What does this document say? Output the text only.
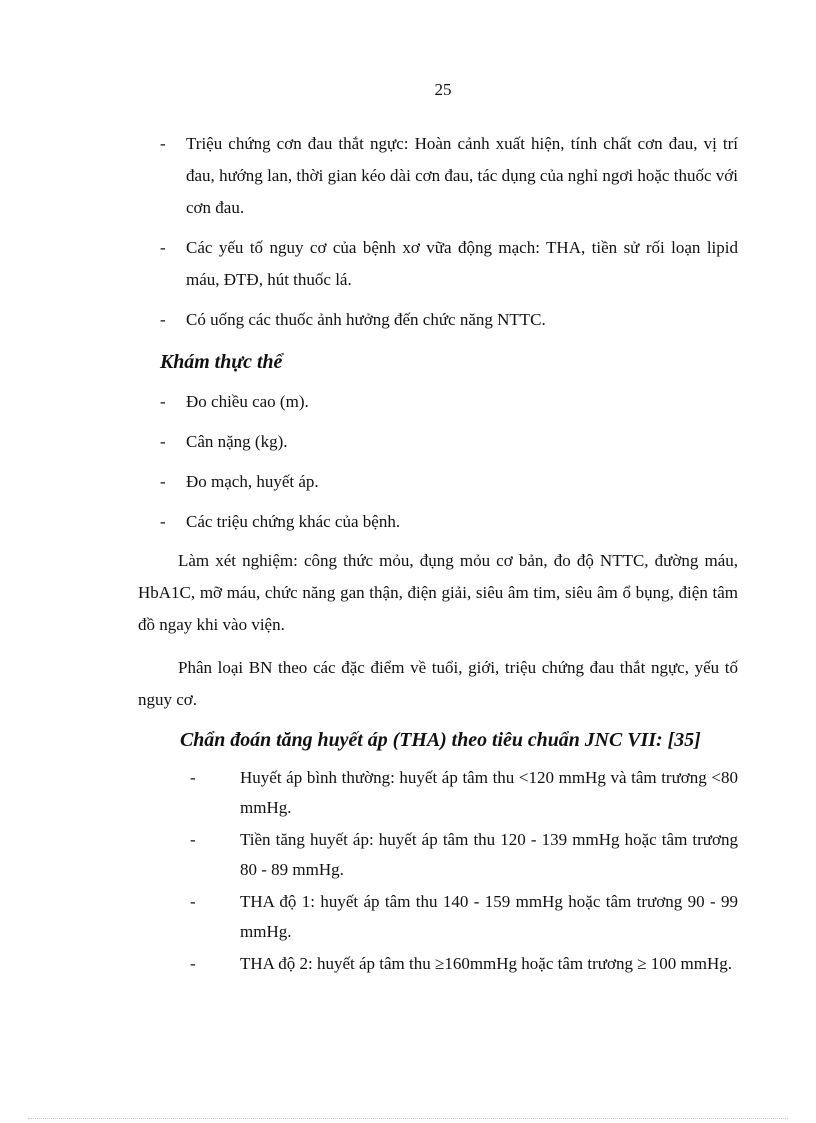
25
- Triệu chứng cơn đau thắt ngực: Hoàn cảnh xuất hiện, tính chất cơn đau, vị trí đau, hướng lan, thời gian kéo dài cơn đau, tác dụng của nghỉ ngơi hoặc thuốc với cơn đau.
- Các yếu tố nguy cơ của bệnh xơ vữa động mạch: THA, tiền sử rối loạn lipid máu, ĐTĐ, hút thuốc lá.
- Có uống các thuốc ảnh hưởng đến chức năng NTTC.
Khám thực thể
- Đo chiều cao (m).
- Cân nặng (kg).
- Đo mạch, huyết áp.
- Các triệu chứng khác của bệnh.

Làm xét nghiệm: công thức mỏu, đụng mỏu cơ bản, đo độ NTTC, đường máu, HbA1C, mỡ máu, chức năng gan thận, điện giải, siêu âm tim, siêu âm ổ bụng, điện tâm đồ ngay khi vào viện.

Phân loại BN theo các đặc điểm về tuổi, giới, triệu chứng đau thắt ngực, yếu tố nguy cơ.

Chẩn đoán tăng huyết áp (THA) theo tiêu chuẩn JNC VII: [35]
-	Huyết áp bình thường: huyết áp tâm thu <120 mmHg và tâm trương <80 mmHg.
-	Tiền tăng huyết áp: huyết áp tâm thu 120 - 139 mmHg hoặc tâm trương 80 - 89 mmHg.
-	THA độ 1: huyết áp tâm thu 140 - 159 mmHg hoặc tâm trương 90 - 99 mmHg.
-	THA độ 2: huyết áp tâm thu ≥160mmHg hoặc tâm trương ≥ 100 mmHg.
